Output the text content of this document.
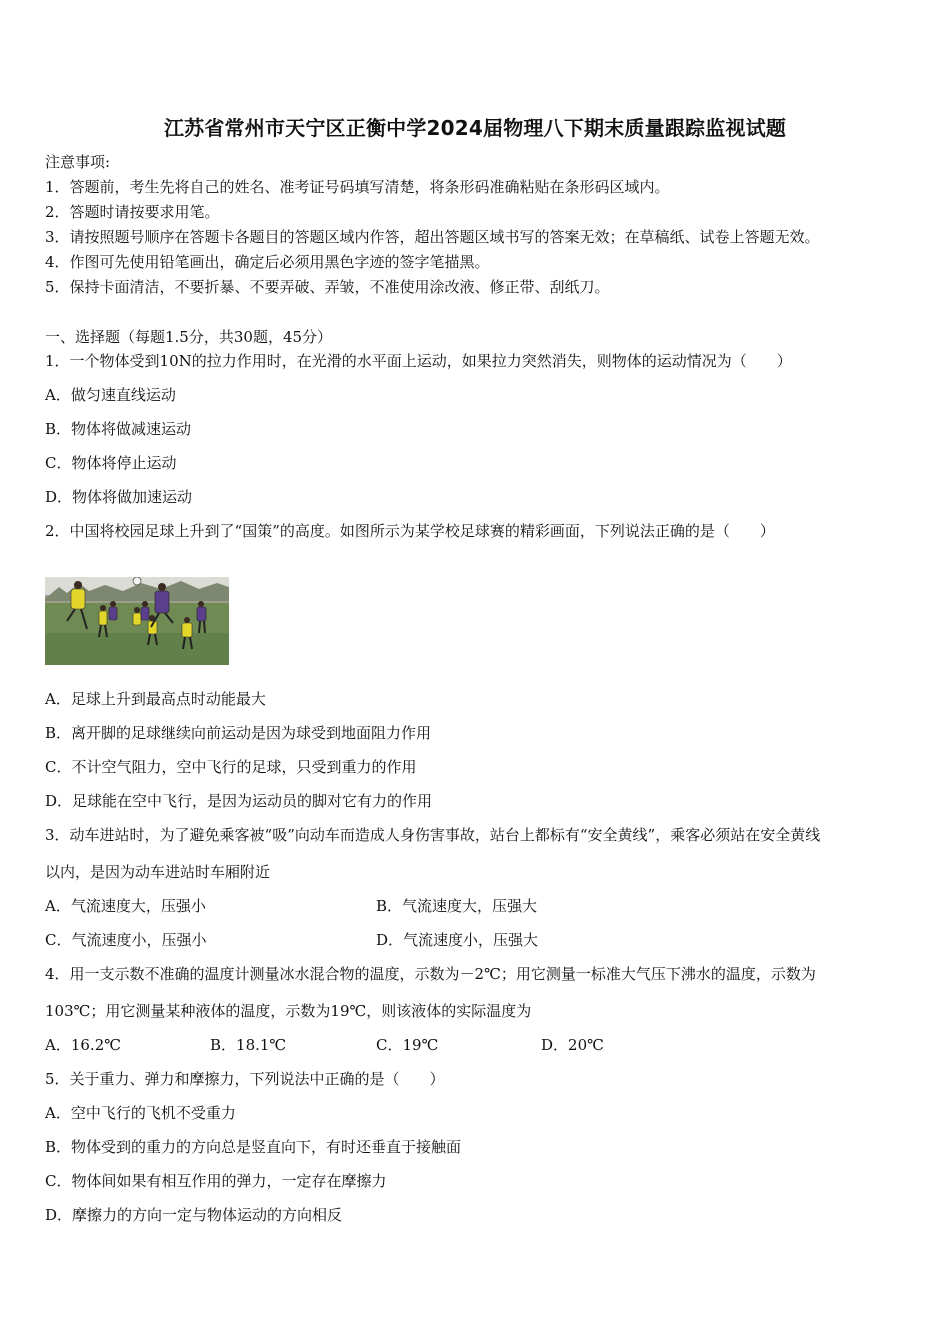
江苏省常州市天宁区正衡中学2024届物理八下期末质量跟踪监视试题
注意事项:
1．答题前，考生先将自己的姓名、准考证号码填写清楚，将条形码准确粘贴在条形码区域内。
2．答题时请按要求用笔。
3．请按照题号顺序在答题卡各题目的答题区域内作答，超出答题区域书写的答案无效；在草稿纸、试卷上答题无效。
4．作图可先使用铅笔画出，确定后必须用黑色字迹的签字笔描黑。
5．保持卡面清洁，不要折暴、不要弄破、弄皱，不准使用涂改液、修正带、刮纸刀。
一、选择题（每题1.5分，共30题，45分）
1．一个物体受到10N的拉力作用时，在光滑的水平面上运动，如果拉力突然消失，则物体的运动情况为（　　）
A．做匀速直线运动
B．物体将做减速运动
C．物体将停止运动
D．物体将做加速运动
2．中国将校园足球上升到了“国策”的高度。如图所示为某学校足球赛的精彩画面，下列说法正确的是（　　）
A．足球上升到最高点时动能最大
B．离开脚的足球继续向前运动是因为球受到地面阻力作用
C．不计空气阻力，空中飞行的足球，只受到重力的作用
D．足球能在空中飞行，是因为运动员的脚对它有力的作用
3．动车进站时，为了避免乘客被“吸”向动车而造成人身伤害事故，站台上都标有“安全黄线”，乘客必须站在安全黄线
以内，是因为动车进站时车厢附近
A．气流速度大，压强小	B．气流速度大，压强大
C．气流速度小，压强小	D．气流速度小，压强大
4．用一支示数不准确的温度计测量冰水混合物的温度，示数为－2℃；用它测量一标准大气压下沸水的温度，示数为
103℃；用它测量某种液体的温度，示数为19℃，则该液体的实际温度为
A．16.2℃	B．18.1℃	C．19℃	D．20℃
5．关于重力、弹力和摩擦力，下列说法中正确的是（　　）
A．空中飞行的飞机不受重力
B．物体受到的重力的方向总是竖直向下，有时还垂直于接触面
C．物体间如果有相互作用的弹力，一定存在摩擦力
D．摩擦力的方向一定与物体运动的方向相反
